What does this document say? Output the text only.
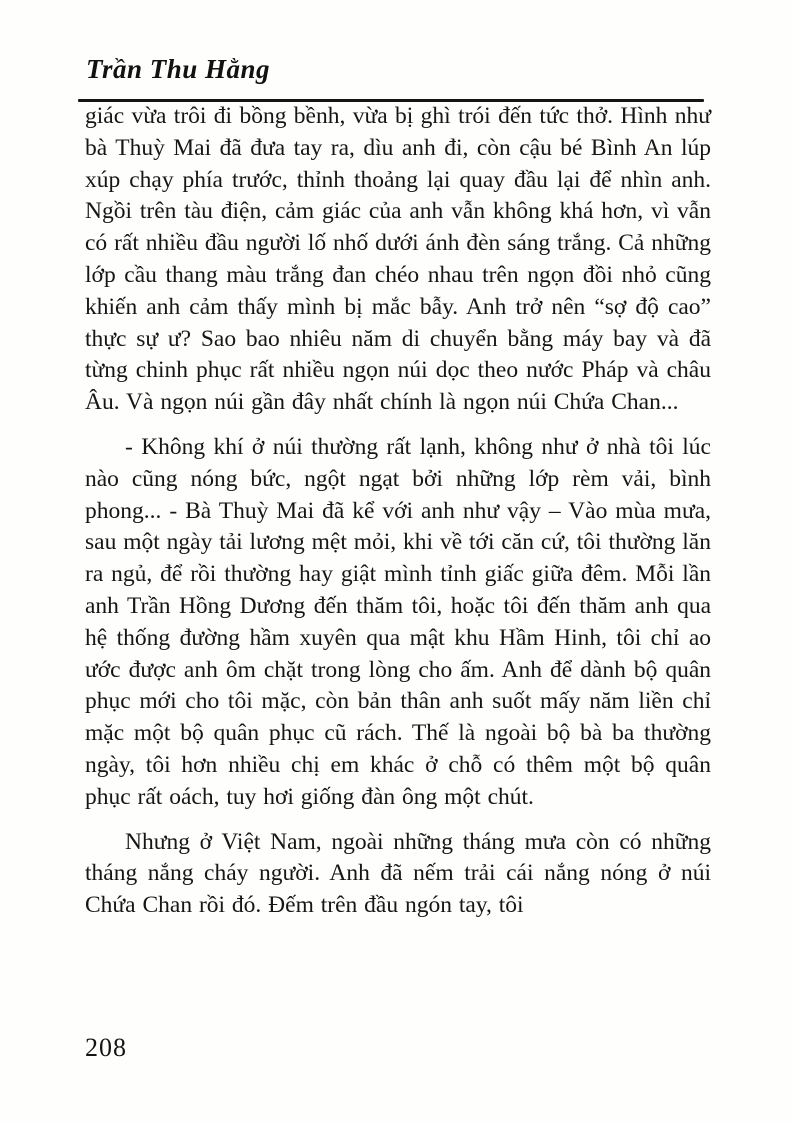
Trần Thu Hằng

giác vừa trôi đi bồng bềnh, vừa bị ghì trói đến tức thở. Hình như bà Thuỳ Mai đã đưa tay ra, dìu anh đi, còn cậu bé Bình An lúp xúp chạy phía trước, thỉnh thoảng lại quay đầu lại để nhìn anh. Ngồi trên tàu điện, cảm giác của anh vẫn không khá hơn, vì vẫn có rất nhiều đầu người lố nhố dưới ánh đèn sáng trắng. Cả những lớp cầu thang màu trắng đan chéo nhau trên ngọn đồi nhỏ cũng khiến anh cảm thấy mình bị mắc bẫy. Anh trở nên “sợ độ cao” thực sự ư? Sao bao nhiêu năm di chuyển bằng máy bay và đã từng chinh phục rất nhiều ngọn núi dọc theo nước Pháp và châu Âu. Và ngọn núi gần đây nhất chính là ngọn núi Chứa Chan...

- Không khí ở núi thường rất lạnh, không như ở nhà tôi lúc nào cũng nóng bức, ngột ngạt bởi những lớp rèm vải, bình phong... - Bà Thuỳ Mai đã kể với anh như vậy – Vào mùa mưa, sau một ngày tải lương mệt mỏi, khi về tới căn cứ, tôi thường lăn ra ngủ, để rồi thường hay giật mình tỉnh giấc giữa đêm. Mỗi lần anh Trần Hồng Dương đến thăm tôi, hoặc tôi đến thăm anh qua hệ thống đường hầm xuyên qua mật khu Hầm Hinh, tôi chỉ ao ước được anh ôm chặt trong lòng cho ấm. Anh để dành bộ quân phục mới cho tôi mặc, còn bản thân anh suốt mấy năm liền chỉ mặc một bộ quân phục cũ rách. Thế là ngoài bộ bà ba thường ngày, tôi hơn nhiều chị em khác ở chỗ có thêm một bộ quân phục rất oách, tuy hơi giống đàn ông một chút.

Nhưng ở Việt Nam, ngoài những tháng mưa còn có những tháng nắng cháy người. Anh đã nếm trải cái nắng nóng ở núi Chứa Chan rồi đó. Đếm trên đầu ngón tay, tôi

208
